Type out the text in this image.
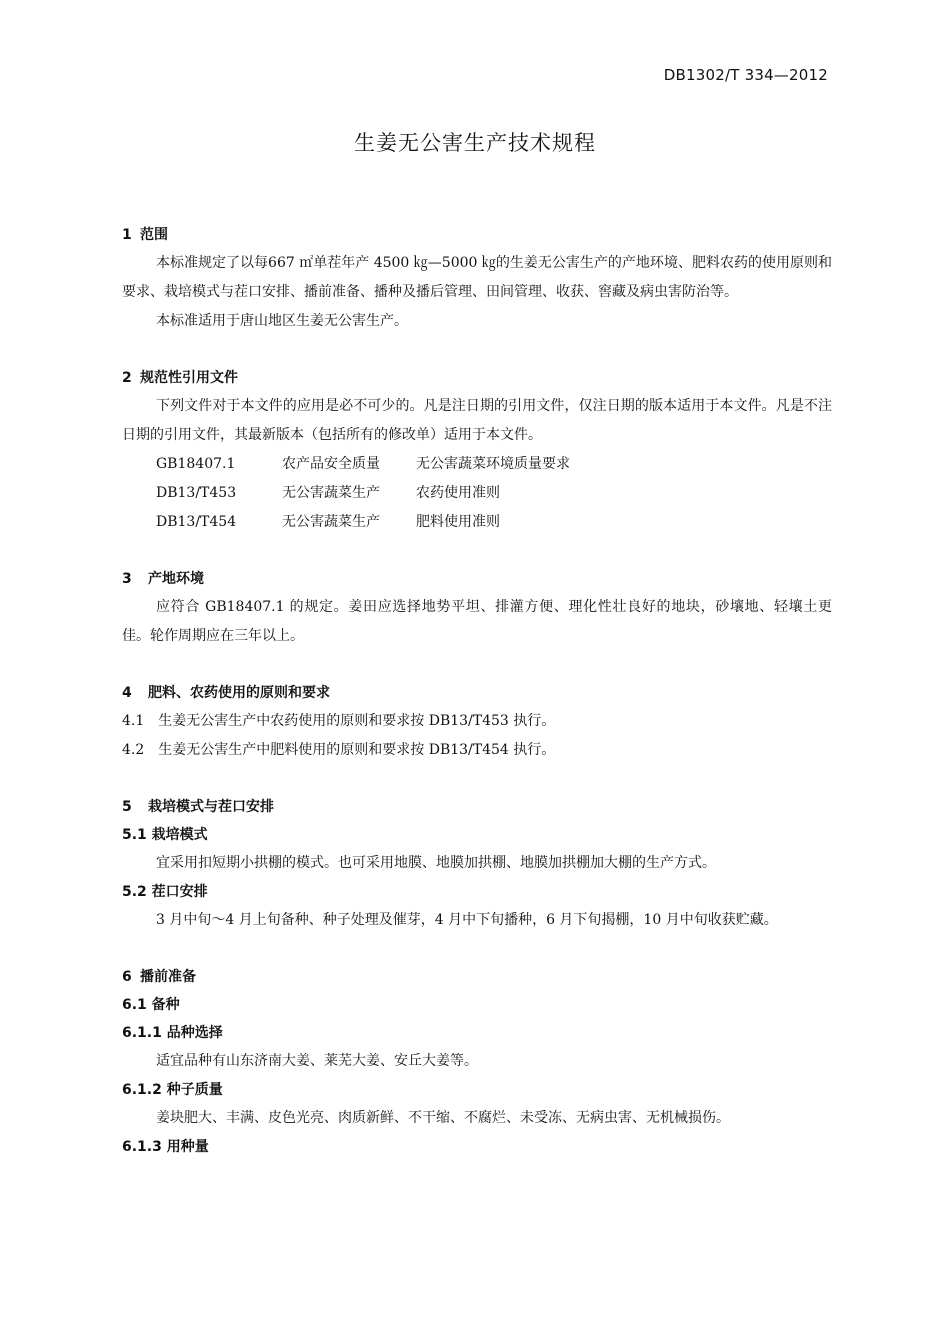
DB1302/T 334—2012
生姜无公害生产技术规程
1 范围
本标准规定了以每667 ㎡单茬年产 4500 ㎏—5000 ㎏的生姜无公害生产的产地环境、肥料农药的使用原则和要求、栽培模式与茬口安排、播前准备、播种及播后管理、田间管理、收获、窖藏及病虫害防治等。
本标准适用于唐山地区生姜无公害生产。
2 规范性引用文件
下列文件对于本文件的应用是必不可少的。凡是注日期的引用文件，仅注日期的版本适用于本文件。凡是不注日期的引用文件，其最新版本（包括所有的修改单）适用于本文件。
GB18407.1	农产品安全质量	无公害蔬菜环境质量要求
DB13/T453	无公害蔬菜生产	农药使用准则
DB13/T454	无公害蔬菜生产	肥料使用准则
3 产地环境
应符合 GB18407.1 的规定。姜田应选择地势平坦、排灌方便、理化性壮良好的地块，砂壤地、轻壤土更佳。轮作周期应在三年以上。
4 肥料、农药使用的原则和要求
4.1　生姜无公害生产中农药使用的原则和要求按 DB13/T453 执行。
4.2　生姜无公害生产中肥料使用的原则和要求按 DB13/T454 执行。
5 栽培模式与茬口安排
5.1 栽培模式
宜采用扣短期小拱棚的模式。也可采用地膜、地膜加拱棚、地膜加拱棚加大棚的生产方式。
5.2 茬口安排
3 月中旬～4 月上旬备种、种子处理及催芽，4 月中下旬播种，6 月下旬揭棚，10 月中旬收获贮藏。
6 播前准备
6.1 备种
6.1.1 品种选择
适宜品种有山东济南大姜、莱芜大姜、安丘大姜等。
6.1.2 种子质量
姜块肥大、丰满、皮色光亮、肉质新鲜、不干缩、不腐烂、未受冻、无病虫害、无机械损伤。
6.1.3 用种量
